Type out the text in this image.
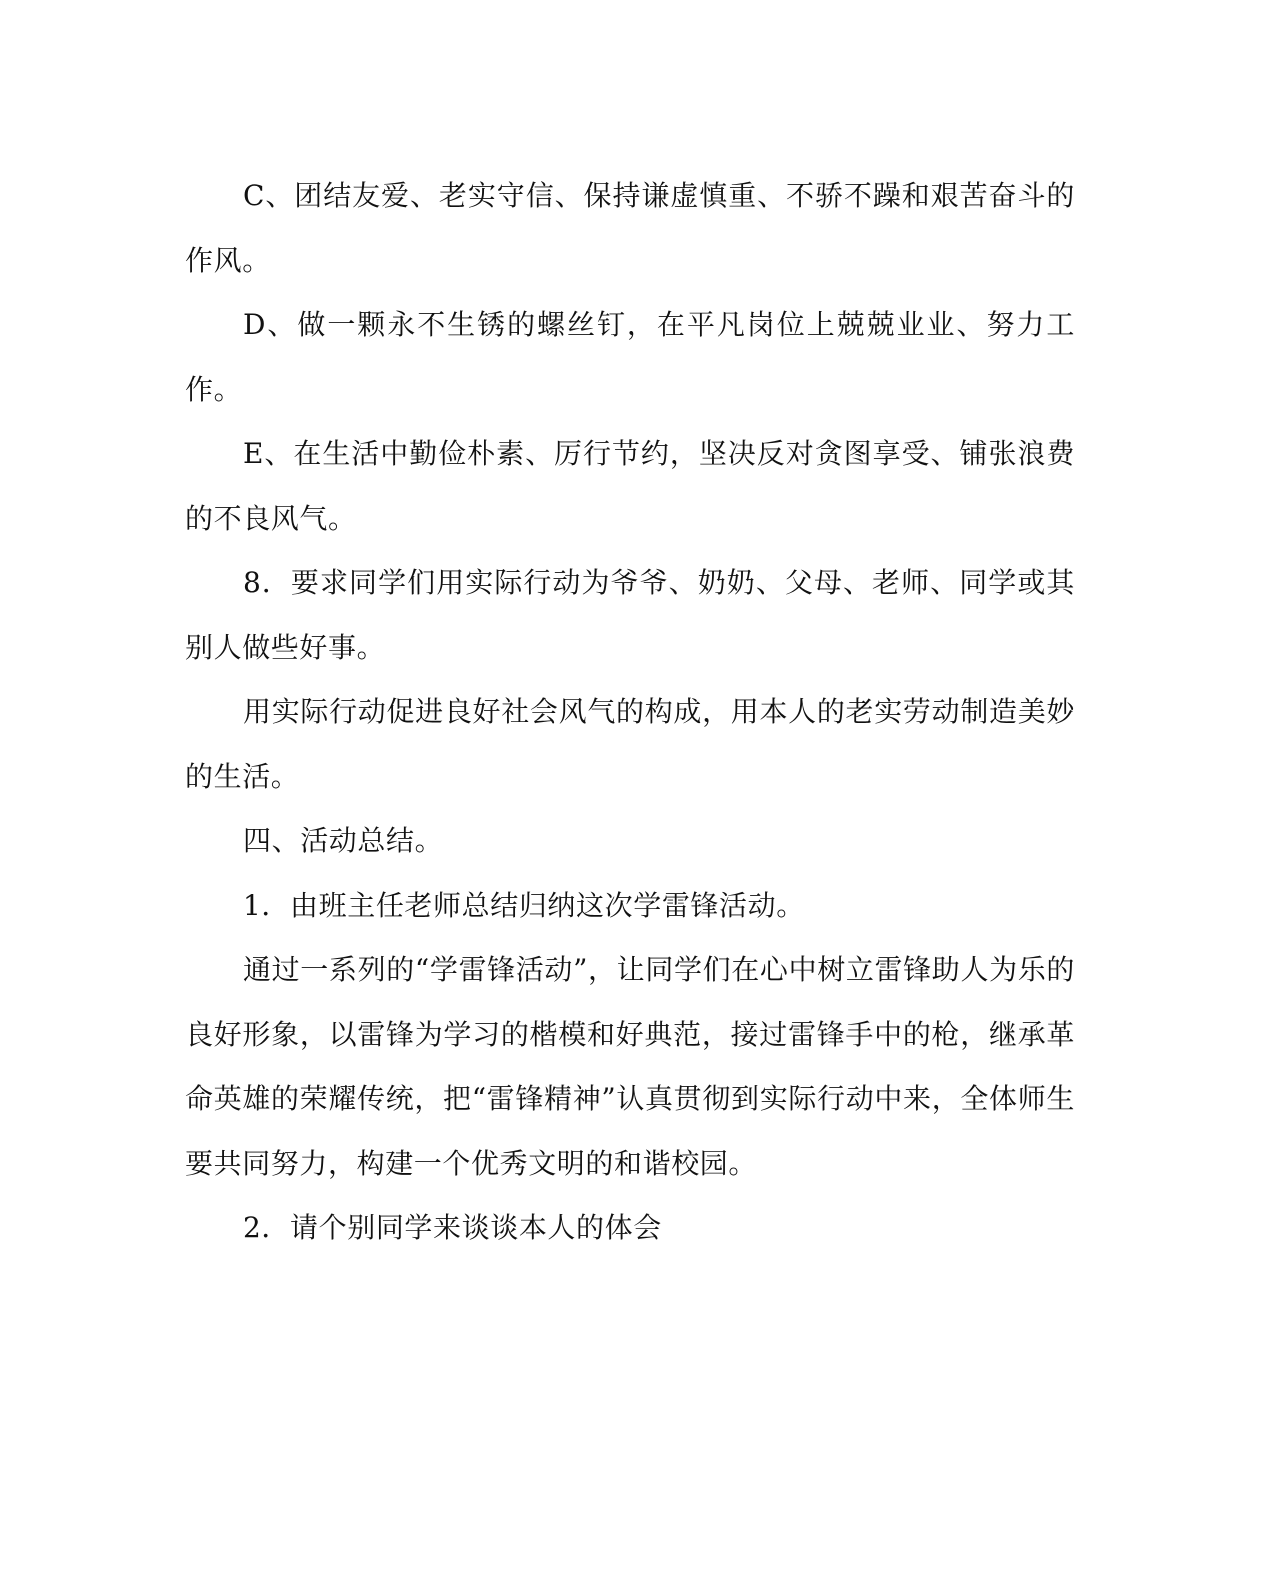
C、团结友爱、老实守信、保持谦虚慎重、不骄不躁和艰苦奋斗的作风。

D、做一颗永不生锈的螺丝钉，在平凡岗位上兢兢业业、努力工作。

E、在生活中勤俭朴素、厉行节约，坚决反对贪图享受、铺张浪费的不良风气。

8．要求同学们用实际行动为爷爷、奶奶、父母、老师、同学或其别人做些好事。

用实际行动促进良好社会风气的构成，用本人的老实劳动制造美妙的生活。

四、活动总结。

1．由班主任老师总结归纳这次学雷锋活动。

通过一系列的“学雷锋活动”，让同学们在心中树立雷锋助人为乐的良好形象，以雷锋为学习的楷模和好典范，接过雷锋手中的枪，继承革命英雄的荣耀传统，把“雷锋精神”认真贯彻到实际行动中来，全体师生要共同努力，构建一个优秀文明的和谐校园。

2．请个别同学来谈谈本人的体会
